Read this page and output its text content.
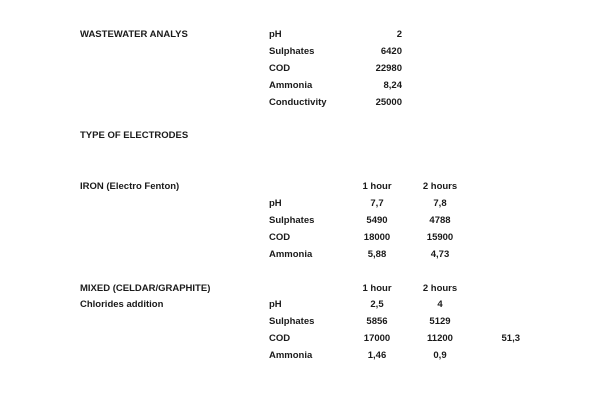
WASTEWATER ANALYS	pH	2
Sulphates	6420
COD	22980
Ammonia	8,24
Conductivity	25000
TYPE OF ELECTRODES
IRON (Electro Fenton)	1 hour	2 hours
pH	7,7	7,8
Sulphates	5490	4788
COD	18000	15900
Ammonia	5,88	4,73
MIXED (CELDAR/GRAPHITE)	1 hour	2 hours
Chlorides addition	pH	2,5	4
Sulphates	5856	5129
COD	17000	11200	51,3
Ammonia	1,46	0,9
